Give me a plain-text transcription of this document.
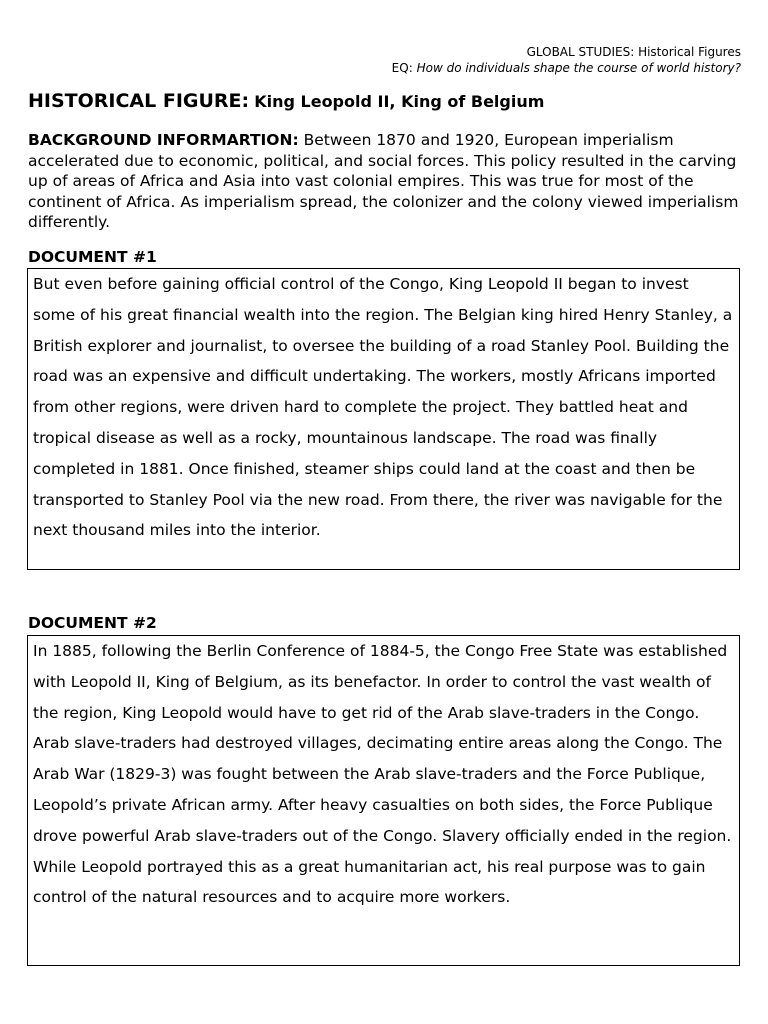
GLOBAL STUDIES: Historical Figures
EQ: How do individuals shape the course of world history?
HISTORICAL FIGURE: King Leopold II, King of Belgium
BACKGROUND INFORMARTION: Between 1870 and 1920, European imperialism accelerated due to economic, political, and social forces. This policy resulted in the carving up of areas of Africa and Asia into vast colonial empires. This was true for most of the continent of Africa. As imperialism spread, the colonizer and the colony viewed imperialism differently.
DOCUMENT #1

But even before gaining official control of the Congo, King Leopold II began to invest some of his great financial wealth into the region. The Belgian king hired Henry Stanley, a British explorer and journalist, to oversee the building of a road Stanley Pool. Building the road was an expensive and difficult undertaking. The workers, mostly Africans imported from other regions, were driven hard to complete the project. They battled heat and tropical disease as well as a rocky, mountainous landscape. The road was finally completed in 1881. Once finished, steamer ships could land at the coast and then be transported to Stanley Pool via the new road. From there, the river was navigable for the next thousand miles into the interior.

DOCUMENT #2

In 1885, following the Berlin Conference of 1884-5, the Congo Free State was established with Leopold II, King of Belgium, as its benefactor. In order to control the vast wealth of the region, King Leopold would have to get rid of the Arab slave-traders in the Congo. Arab slave-traders had destroyed villages, decimating entire areas along the Congo. The Arab War (1829-3) was fought between the Arab slave-traders and the Force Publique, Leopold’s private African army. After heavy casualties on both sides, the Force Publique drove powerful Arab slave-traders out of the Congo. Slavery officially ended in the region. While Leopold portrayed this as a great humanitarian act, his real purpose was to gain control of the natural resources and to acquire more workers.
